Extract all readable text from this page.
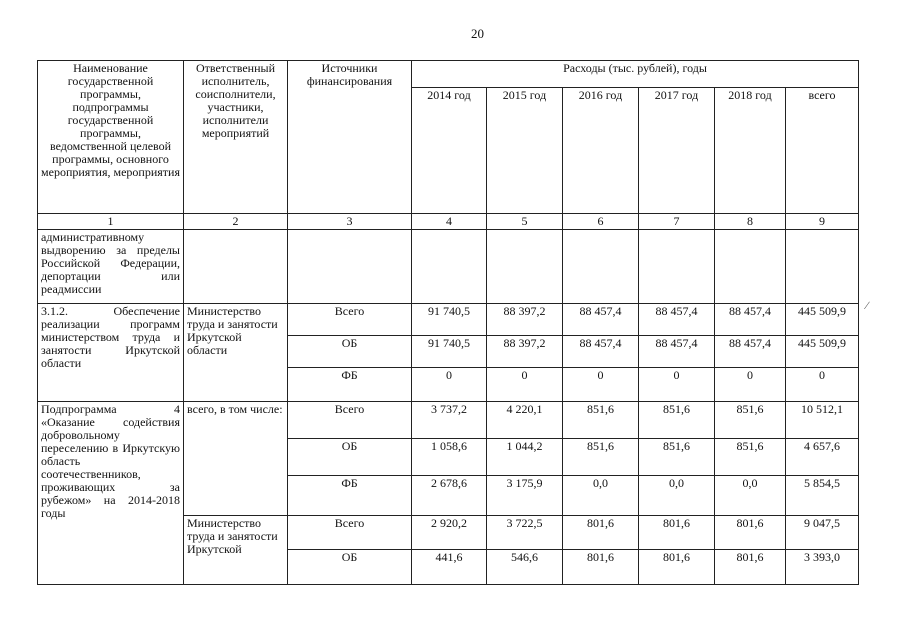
20
Наименование государственной программы, подпрограммы государственной программы, ведомственной целевой программы, основного мероприятия, мероприятия	Ответственный исполнитель, соисполнители, участники, исполнители мероприятий	Источники финансирования	Расходы (тыс. рублей), годы					
			2014 год	2015 год	2016 год	2017 год	2018 год	всего
1	2	3	4	5	6	7	8	9
административному выдворению за пределы Российской Федерации, депортации или реадмиссии								
3.1.2. Обеспечение реализации программ министерством труда и занятости Иркутской области	Министерство труда и занятости Иркутской области	Всего	91 740,5	88 397,2	88 457,4	88 457,4	88 457,4	445 509,9
		ОБ	91 740,5	88 397,2	88 457,4	88 457,4	88 457,4	445 509,9
		ФБ	0	0	0	0	0	0
Подпрограмма 4 «Оказание содействия добровольному переселению в Иркутскую область соотечественников, проживающих за рубежом» на 2014-2018 годы	всего, в том числе:	Всего	3 737,2	4 220,1	851,6	851,6	851,6	10 512,1
		ОБ	1 058,6	1 044,2	851,6	851,6	851,6	4 657,6
		ФБ	2 678,6	3 175,9	0,0	0,0	0,0	5 854,5
	Министерство труда и занятости Иркутской	Всего	2 920,2	3 722,5	801,6	801,6	801,6	9 047,5
		ОБ	441,6	546,6	801,6	801,6	801,6	3 393,0
∕
